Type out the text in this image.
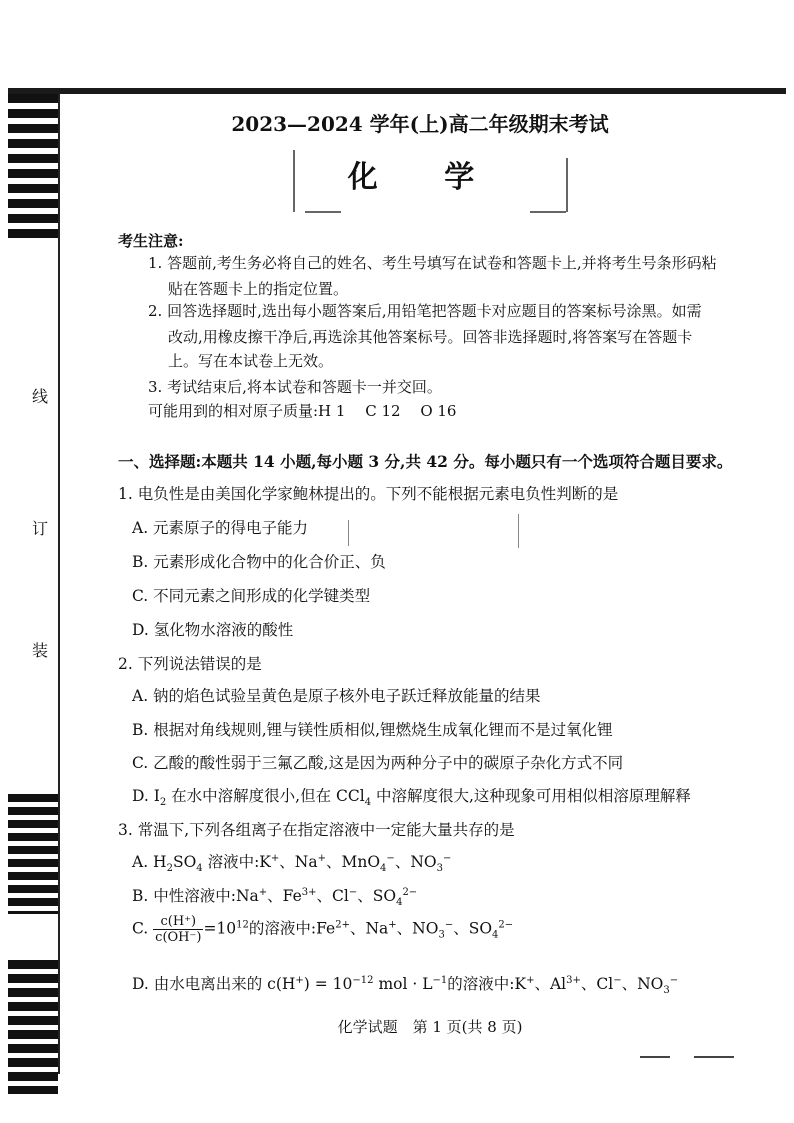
线
订
装
2023—2024 学年(上)高二年级期末考试
化 学
考生注意:
1. 答题前,考生务必将自己的姓名、考生号填写在试卷和答题卡上,并将考生号条形码粘
贴在答题卡上的指定位置。
2. 回答选择题时,选出每小题答案后,用铅笔把答题卡对应题目的答案标号涂黑。如需
改动,用橡皮擦干净后,再选涂其他答案标号。回答非选择题时,将答案写在答题卡
上。写在本试卷上无效。
3. 考试结束后,将本试卷和答题卡一并交回。
可能用到的相对原子质量:H 1 　C 12 　O 16
一、选择题:本题共 14 小题,每小题 3 分,共 42 分。每小题只有一个选项符合题目要求。
1. 电负性是由美国化学家鲍林提出的。下列不能根据元素电负性判断的是
A. 元素原子的得电子能力
B. 元素形成化合物中的化合价正、负
C. 不同元素之间形成的化学键类型
D. 氢化物水溶液的酸性
2. 下列说法错误的是
A. 钠的焰色试验呈黄色是原子核外电子跃迁释放能量的结果
B. 根据对角线规则,锂与镁性质相似,锂燃烧生成氧化锂而不是过氧化锂
C. 乙酸的酸性弱于三氟乙酸,这是因为两种分子中的碳原子杂化方式不同
D. $I_2$ 在水中溶解度很小,但在 CCl$_4$ 中溶解度很大,这种现象可用相似相溶原理解释
3. 常温下,下列各组离子在指定溶液中一定能大量共存的是
A. $H_2SO_4$ 溶液中:K+、Na+、MnO$_4$−、$NO_3^-$
B. 中性溶液中:Na+、$Fe^{3+}$、Cl−、$SO_4^{2-}$
C. $\frac{c(H^+)}{c(OH^-)} =10^{12}$的溶液中$:Fe^{2+}$、Na+、$NO_3^-$、$SO_4^{2-}$
D. 由水电离出来的 $c(H^+) = 10^{-12}$ mol · $L^{-1}$的溶液中:K+、$Al^{3+}$、Cl−、$NO_3^-$
化学试题　第 1 页(共 8 页)
